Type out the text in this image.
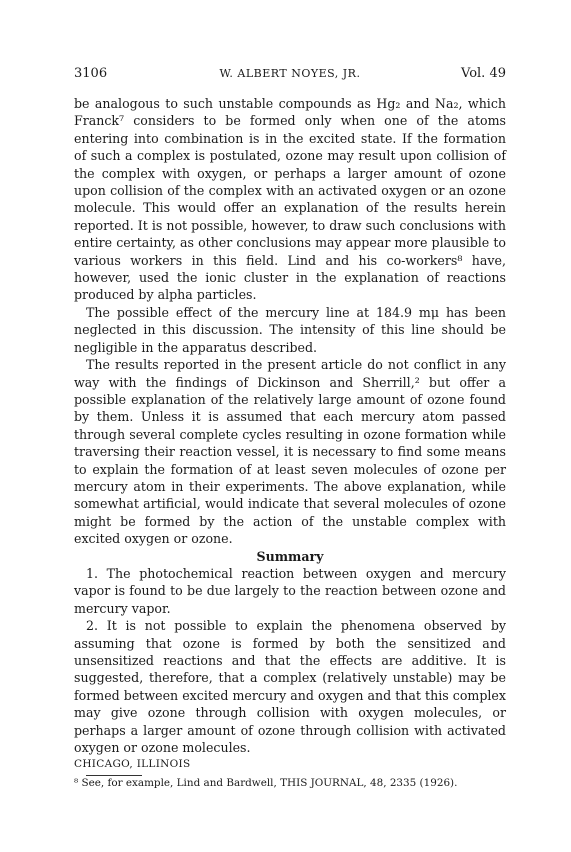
3106	W. ALBERT NOYES, JR.	Vol. 49

be analogous to such unstable compounds as Hg₂ and Na₂, which Franck⁷ considers to be formed only when one of the atoms entering into combination is in the excited state. If the formation of such a complex is postulated, ozone may result upon collision of the complex with oxygen, or perhaps a larger amount of ozone upon collision of the complex with an activated oxygen or an ozone molecule. This would offer an explanation of the results herein reported. It is not possible, however, to draw such conclusions with entire certainty, as other conclusions may appear more plausible to various workers in this field. Lind and his co-workers⁸ have, however, used the ionic cluster in the explanation of reactions produced by alpha particles.

The possible effect of the mercury line at 184.9 mμ has been neglected in this discussion. The intensity of this line should be negligible in the apparatus described.

The results reported in the present article do not conflict in any way with the findings of Dickinson and Sherrill,² but offer a possible explanation of the relatively large amount of ozone found by them. Unless it is assumed that each mercury atom passed through several complete cycles resulting in ozone formation while traversing their reaction vessel, it is necessary to find some means to explain the formation of at least seven molecules of ozone per mercury atom in their experiments. The above explanation, while somewhat artificial, would indicate that several molecules of ozone might be formed by the action of the unstable complex with excited oxygen or ozone.

Summary

1. The photochemical reaction between oxygen and mercury vapor is found to be due largely to the reaction between ozone and mercury vapor.

2. It is not possible to explain the phenomena observed by assuming that ozone is formed by both the sensitized and unsensitized reactions and that the effects are additive. It is suggested, therefore, that a complex (relatively unstable) may be formed between excited mercury and oxygen and that this complex may give ozone through collision with oxygen molecules, or perhaps a larger amount of ozone through collision with activated oxygen or ozone molecules.

CHICAGO, ILLINOIS

⁸ See, for example, Lind and Bardwell, THIS JOURNAL, 48, 2335 (1926).
